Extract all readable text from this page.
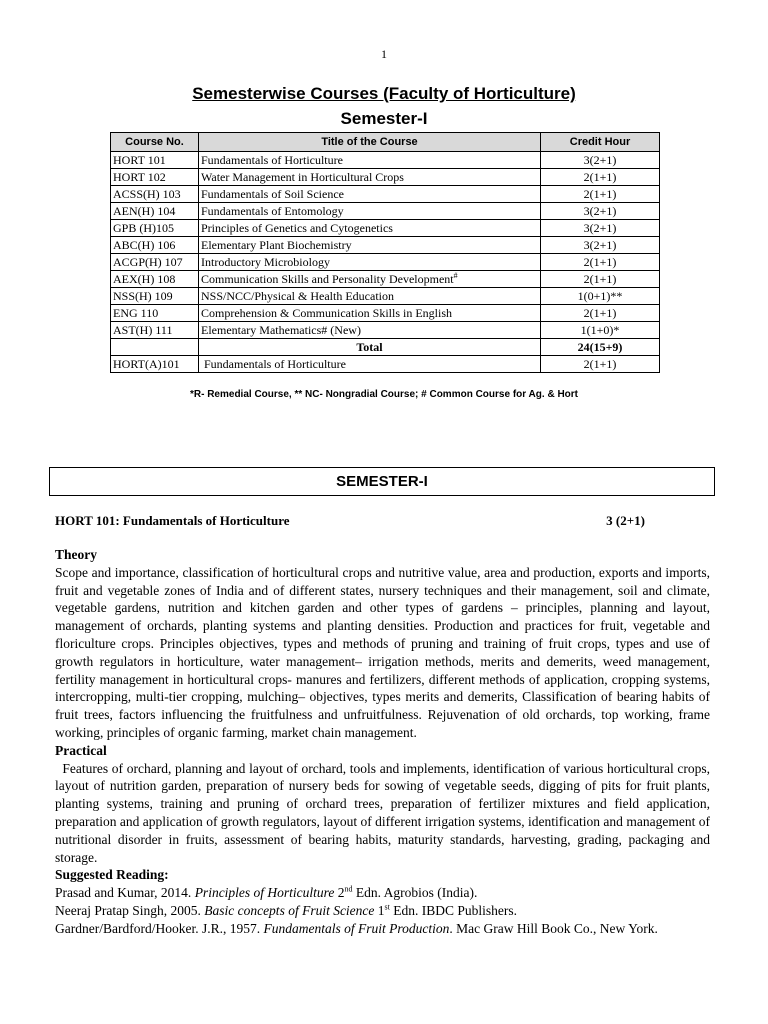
1
Semesterwise Courses (Faculty of Horticulture)
Semester-I
Course No.	Title of the Course	Credit Hour
HORT 101	Fundamentals of Horticulture	3(2+1)
HORT 102	Water Management in Horticultural Crops	2(1+1)
ACSS(H) 103	Fundamentals of Soil Science	2(1+1)
AEN(H) 104	Fundamentals of Entomology	3(2+1)
GPB (H)105	Principles of Genetics and Cytogenetics	3(2+1)
ABC(H) 106	Elementary Plant Biochemistry	3(2+1)
ACGP(H) 107	Introductory Microbiology	2(1+1)
AEX(H) 108	Communication Skills and Personality Development#	2(1+1)
NSS(H) 109	NSS/NCC/Physical & Health Education	1(0+1)**
ENG 110	Comprehension & Communication Skills in English	2(1+1)
AST(H) 111	Elementary Mathematics# (New)	1(1+0)*
	Total	24(15+9)
HORT(A)101	Fundamentals of Horticulture	2(1+1)
*R- Remedial Course, ** NC- Nongradial Course; # Common Course for Ag. & Hort
SEMESTER-I
HORT 101: Fundamentals of Horticulture	3 (2+1)
Theory
Scope and importance, classification of horticultural crops and nutritive value, area and production, exports and imports, fruit and vegetable zones of India and of different states, nursery techniques and their management, soil and climate, vegetable gardens, nutrition and kitchen garden and other types of gardens – principles, planning and layout, management of orchards, planting systems and planting densities. Production and practices for fruit, vegetable and floriculture crops. Principles objectives, types and methods of pruning and training of fruit crops, types and use of growth regulators in horticulture, water management– irrigation methods, merits and demerits, weed management, fertility management in horticultural crops- manures and fertilizers, different methods of application, cropping systems, intercropping, multi-tier cropping, mulching– objectives, types merits and demerits, Classification of bearing habits of fruit trees, factors influencing the fruitfulness and unfruitfulness. Rejuvenation of old orchards, top working, frame working, principles of organic farming, market chain management.
Practical
Features of orchard, planning and layout of orchard, tools and implements, identification of various horticultural crops, layout of nutrition garden, preparation of nursery beds for sowing of vegetable seeds, digging of pits for fruit plants, planting systems, training and pruning of orchard trees, preparation of fertilizer mixtures and field application, preparation and application of growth regulators, layout of different irrigation systems, identification and management of nutritional disorder in fruits, assessment of bearing habits, maturity standards, harvesting, grading, packaging and storage.
Suggested Reading:
Prasad and Kumar, 2014. Principles of Horticulture 2nd Edn. Agrobios (India).
Neeraj Pratap Singh, 2005. Basic concepts of Fruit Science 1st Edn. IBDC Publishers.
Gardner/Bardford/Hooker. J.R., 1957. Fundamentals of Fruit Production. Mac Graw Hill Book Co., New York.
